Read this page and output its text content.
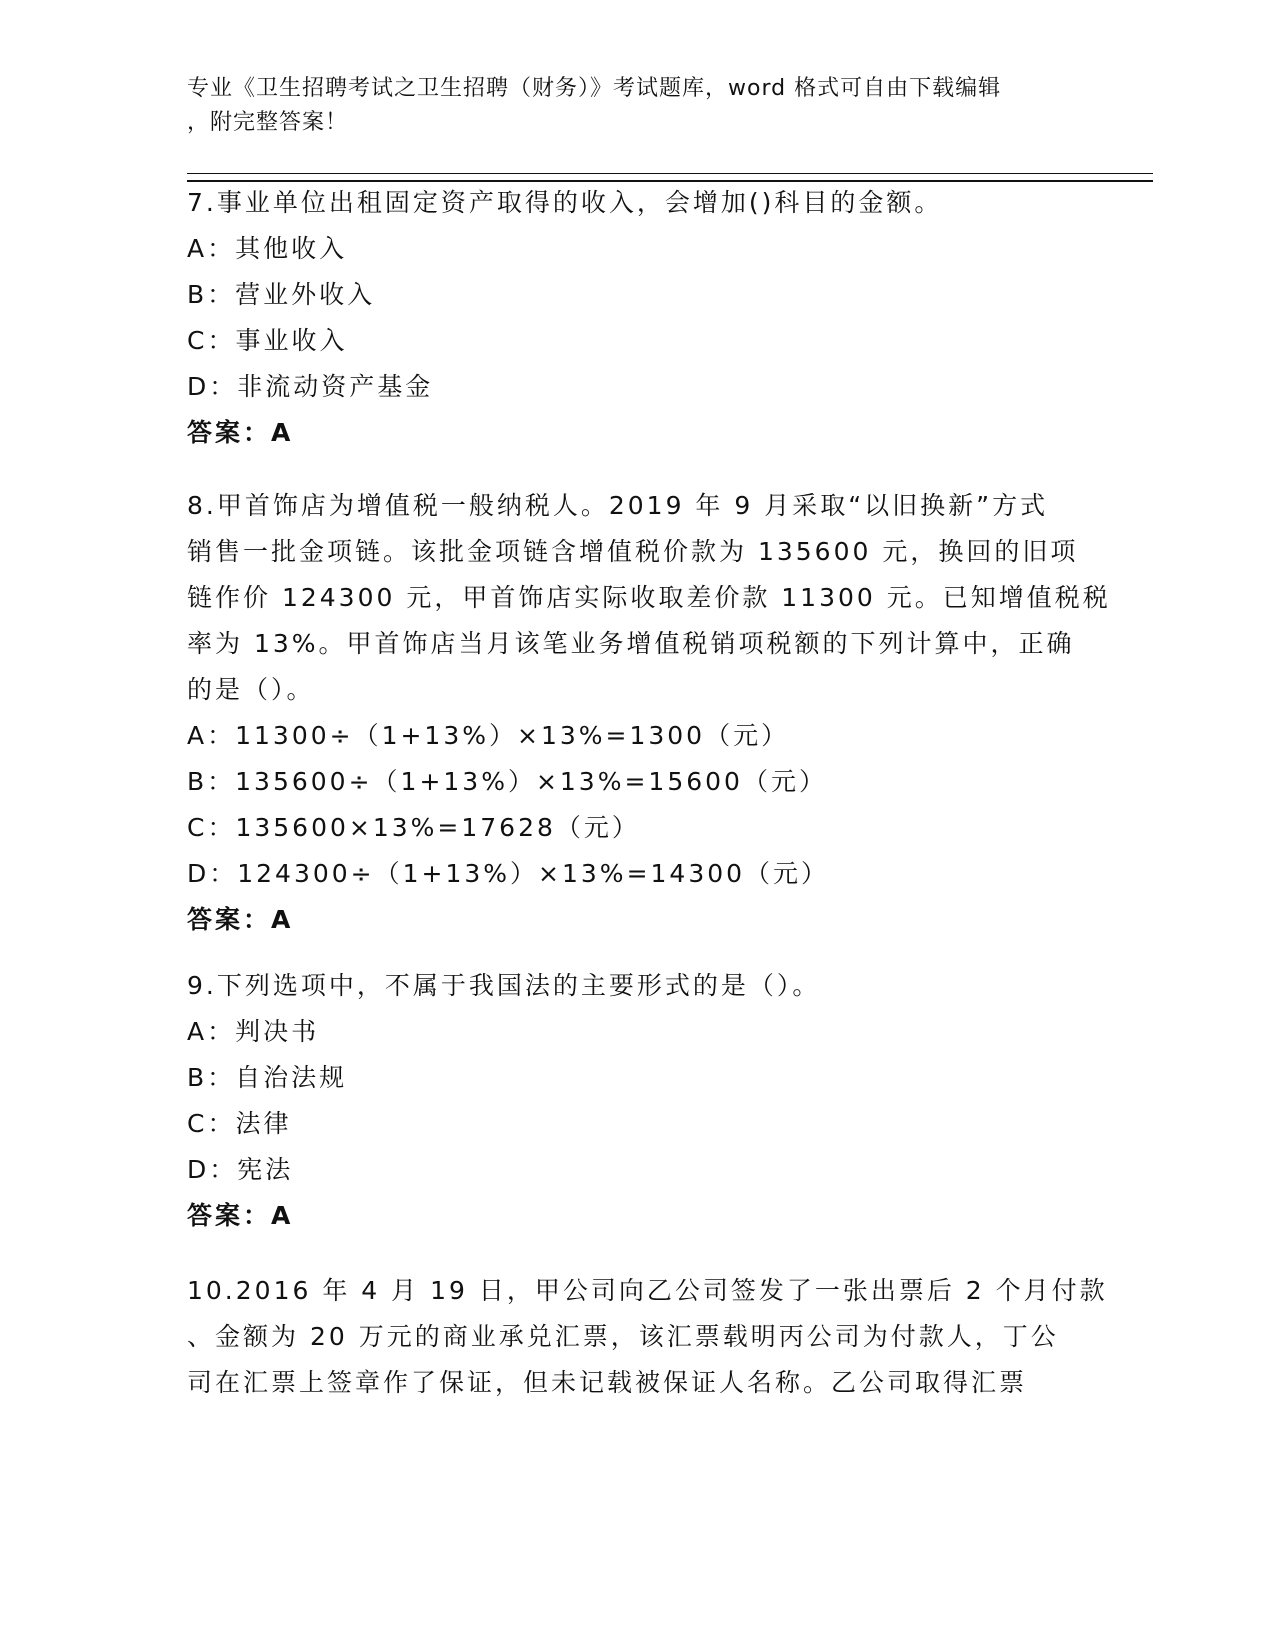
专业《卫生招聘考试之卫生招聘（财务）》考试题库，word 格式可自由下载编辑
，附完整答案！
7.事业单位出租固定资产取得的收入，会增加()科目的金额。
A：其他收入
B：营业外收入
C：事业收入
D：非流动资产基金
答案：A
8.甲首饰店为增值税一般纳税人。2019 年 9 月采取“以旧换新”方式
销售一批金项链。该批金项链含增值税价款为 135600 元，换回的旧项
链作价 124300 元，甲首饰店实际收取差价款 11300 元。已知增值税税
率为 13%。甲首饰店当月该笔业务增值税销项税额的下列计算中，正确
的是（）。
A：11300÷（1+13%）×13%=1300（元）
B：135600÷（1+13%）×13%=15600（元）
C：135600×13%=17628（元）
D：124300÷（1+13%）×13%=14300（元）
答案：A
9.下列选项中，不属于我国法的主要形式的是（）。
A：判决书
B：自治法规
C：法律
D：宪法
答案：A
10.2016 年 4 月 19 日，甲公司向乙公司签发了一张出票后 2 个月付款
、金额为 20 万元的商业承兑汇票，该汇票载明丙公司为付款人，丁公
司在汇票上签章作了保证，但未记载被保证人名称。乙公司取得汇票
